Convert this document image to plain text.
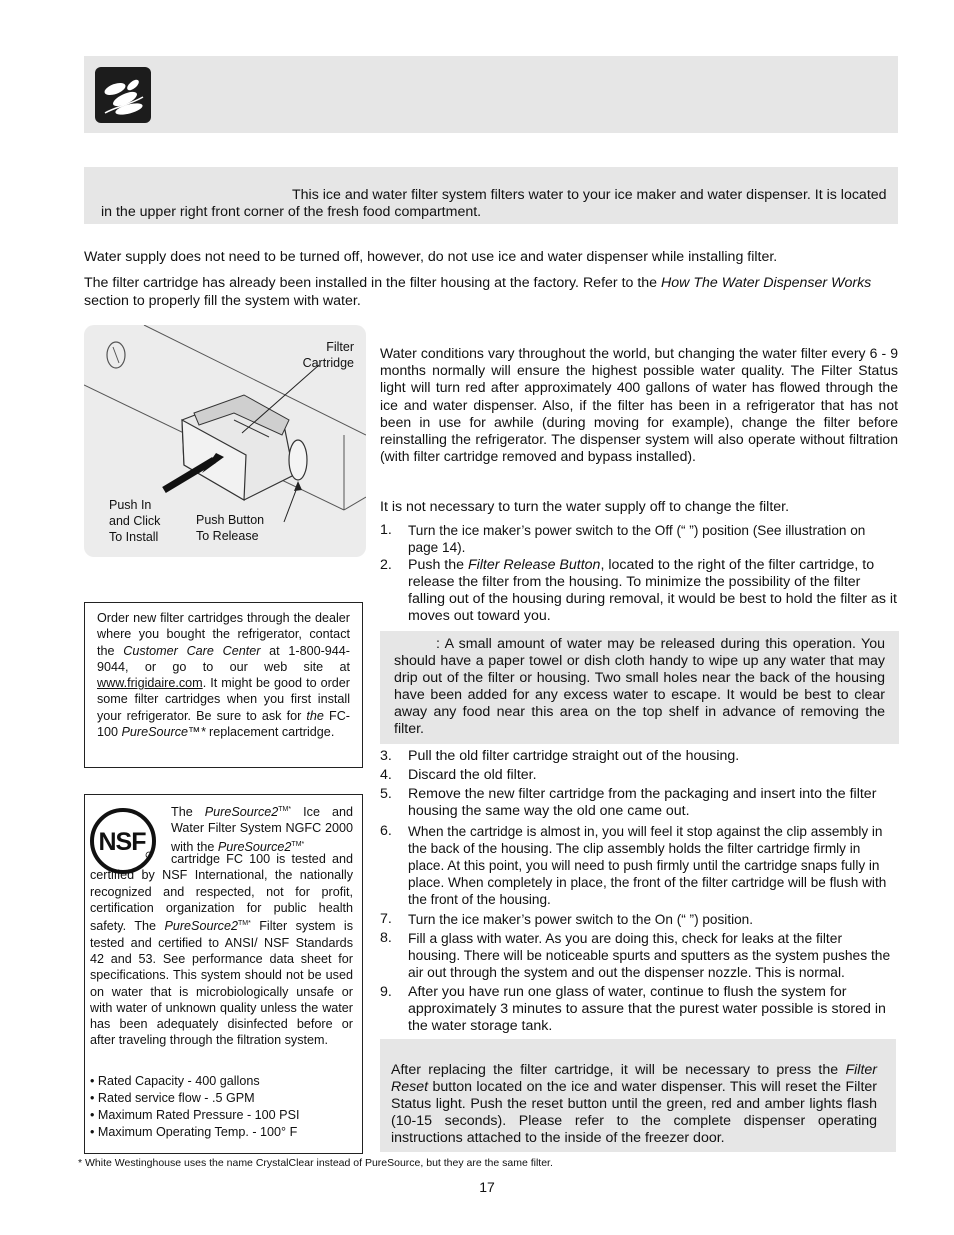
This ice and water filter system filters water to your ice maker and water dispenser. It is located in the upper right front corner of the fresh food compartment.
Water supply does not need to be turned off, however, do not use ice and water dispenser while installing filter.
The filter cartridge has already been installed in the filter housing at the factory. Refer to the How The Water Dispenser Works section to properly fill the system with water.
Filter
Cartridge
Push In
and Click
To Install
Push Button
To Release
Order new filter cartridges through the dealer where you bought the refrigerator, contact the Customer Care Center at 1-800-944-9044, or go to our web site at www.frigidaire.com. It might be good to order some filter cartridges when you first install your refrigerator. Be sure to ask for the FC-100 PureSource™* replacement cartridge.
NSF
The $PureSource2^{TM*}$ Ice and Water Filter System NGFC 2000 with the $PureSource2^{TM*}$
cartridge FC 100 is tested and certified by NSF International, the nationally recognized and respected, not for profit, certification organization for public health safety. The $PureSource2^{TM*}$ Filter system is tested and certified to ANSI/ NSF Standards 42 and 53. See performance data sheet for specifications. This system should not be used on water that is microbiologically unsafe or with water of unknown quality unless the water has been adequately disinfected before or after traveling through the filtration system.
• Rated Capacity - 400 gallons
• Rated service flow - .5 GPM
• Maximum Rated Pressure - 100 PSI
• Maximum Operating Temp. - 100° F
Water conditions vary throughout the world, but changing the water filter every 6 - 9 months normally will ensure the highest possible water quality. The Filter Status light will turn red after approximately 400 gallons of water has flowed through the ice and water dispenser. Also, if the filter has been in a refrigerator that has not been in use for awhile (during moving for example), change the filter before reinstalling the refrigerator. The dispenser system will also operate without filtration (with filter cartridge removed and bypass installed).
It is not necessary to turn the water supply off to change the filter.
1. Turn the ice maker’s power switch to the Off (“ ”) position (See illustration on page 14).
2. Push the Filter Release Button, located to the right of the filter cartridge, to release the filter from the housing. To minimize the possibility of the filter falling out of the housing during removal, it would be best to hold the filter as it moves out toward you.
: A small amount of water may be released during this operation. You should have a paper towel or dish cloth handy to wipe up any water that may drip out of the filter or housing. Two small holes near the back of the housing have been added for any excess water to escape. It would be best to clear away any food near this area on the top shelf in advance of removing the filter.
3. Pull the old filter cartridge straight out of the housing.
4. Discard the old filter.
5. Remove the new filter cartridge from the packaging and insert into the filter housing the same way the old one came out.
6. When the cartridge is almost in, you will feel it stop against the clip assembly in the back of the housing. The clip assembly holds the filter cartridge firmly in place. At this point, you will need to push firmly until the cartridge snaps fully in place. When completely in place, the front of the filter cartridge will be flush with the front of the housing.
7. Turn the ice maker’s power switch to the On (“ ”) position.
8. Fill a glass with water. As you are doing this, check for leaks at the filter housing. There will be noticeable spurts and sputters as the system pushes the air out through the system and out the dispenser nozzle. This is normal.
9. After you have run one glass of water, continue to flush the system for approximately 3 minutes to assure that the purest water possible is stored in the water storage tank.
After replacing the filter cartridge, it will be necessary to press the Filter Reset button located on the ice and water dispenser. This will reset the Filter Status light. Push the reset button until the green, red and amber lights flash (10-15 seconds). Please refer to the complete dispenser operating instructions attached to the inside of the freezer door.
* White Westinghouse uses the name CrystalClear instead of PureSource, but they are the same filter.
17
